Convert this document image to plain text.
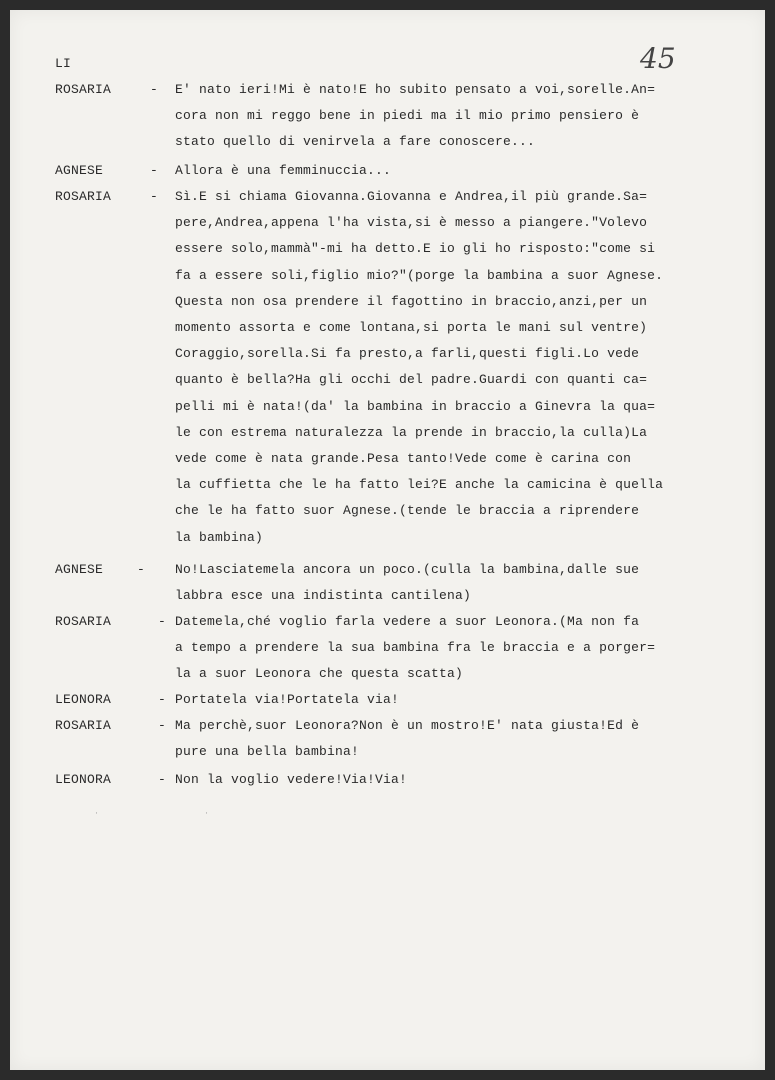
LI	45
ROSARIA	- E' nato ieri!Mi è nato!E ho subito pensato a voi,sorelle.An=
cora non mi reggo bene in piedi ma il mio primo pensiero è
stato quello di venirvela a fare conoscere...
AGNESE	- Allora è una femminuccia...
ROSARIA	- Sì.E si chiama Giovanna.Giovanna e Andrea,il più grande.Sa=
pere,Andrea,appena l'ha vista,si è messo a piangere."Volevo
essere solo,mammà"-mi ha detto.E io gli ho risposto:"come si
fa a essere soli,figlio mio?"(porge la bambina a suor Agnese.
Questa non osa prendere il fagottino in braccio,anzi,per un
momento assorta e come lontana,si porta le mani sul ventre)
Coraggio,sorella.Si fa presto,a farli,questi figli.Lo vede
quanto è bella?Ha gli occhi del padre.Guardi con quanti ca=
pelli mi è nata!(da' la bambina in braccio a Ginevra la qua=
le con estrema naturalezza la prende in braccio,la culla)La
vede come è nata grande.Pesa tanto!Vede come è carina con
la cuffietta che le ha fatto lei?E anche la camicina è quella
che le ha fatto suor Agnese.(tende le braccia a riprendere
la bambina)
AGNESE	- No!Lasciatemela ancora un poco.(culla la bambina,dalle sue
labbra esce una indistinta cantilena)
ROSARIA	- Datemela,ché voglio farla vedere a suor Leonora.(Ma non fa
a tempo a prendere la sua bambina fra le braccia e a porger=
la a suor Leonora che questa scatta)
LEONORA	- Portatela via!Portatela via!
ROSARIA	- Ma perchè,suor Leonora?Non è un mostro!E' nata giusta!Ed è
pure una bella bambina!
LEONORA	- Non la voglio vedere!Via!Via!
·	·
